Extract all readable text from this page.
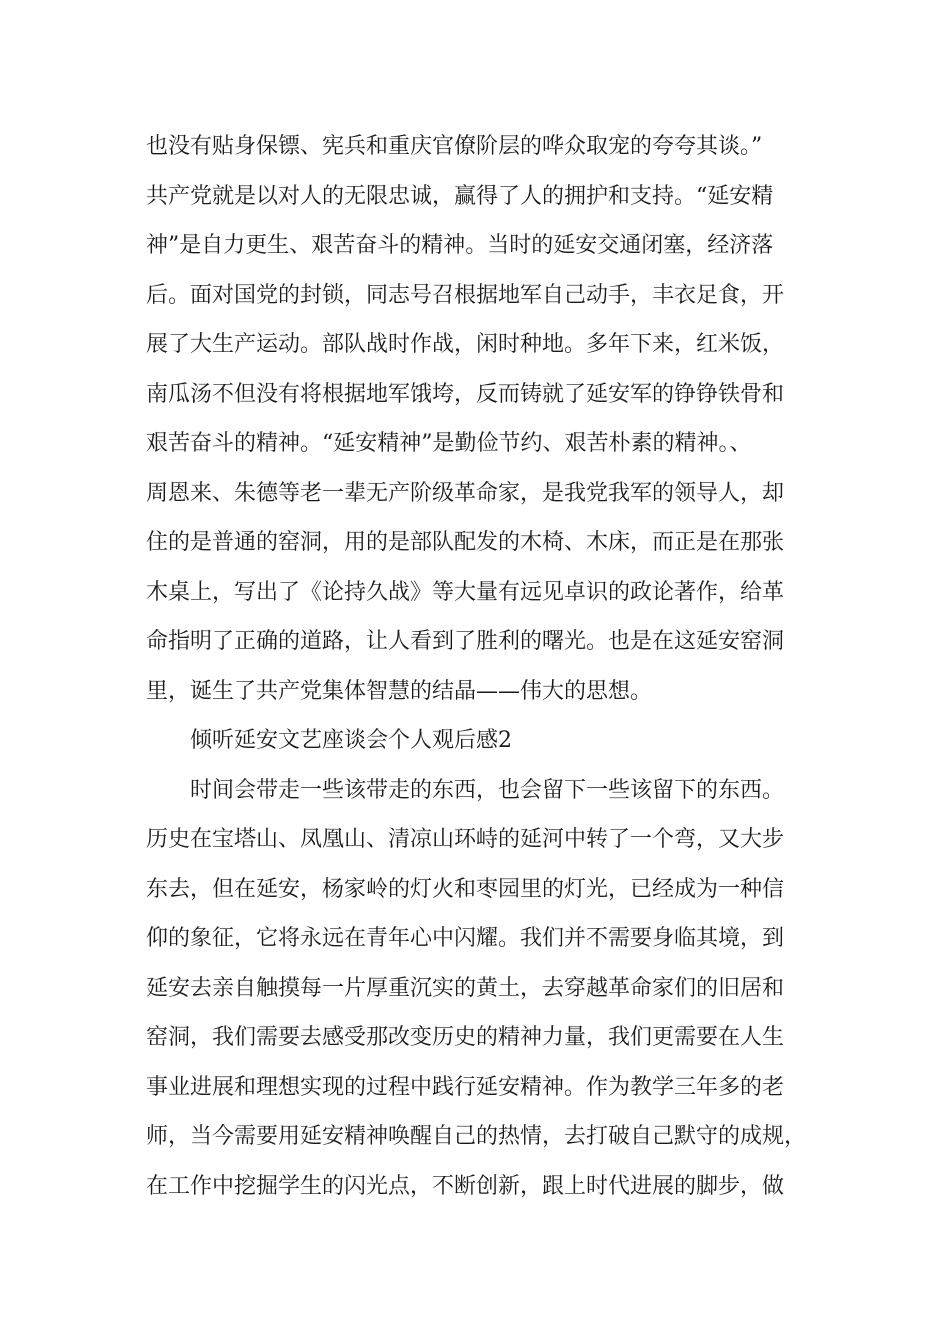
也没有贴身保镖、宪兵和重庆官僚阶层的哗众取宠的夸夸其谈。”
共产党就是以对人的无限忠诚，赢得了人的拥护和支持。“延安精
神”是自力更生、艰苦奋斗的精神。当时的延安交通闭塞，经济落
后。面对国党的封锁，同志号召根据地军自己动手，丰衣足食，开
展了大生产运动。部队战时作战，闲时种地。多年下来，红米饭，
南瓜汤不但没有将根据地军饿垮，反而铸就了延安军的铮铮铁骨和
艰苦奋斗的精神。“延安精神”是勤俭节约、艰苦朴素的精神。、
周恩来、朱德等老一辈无产阶级革命家，是我党我军的领导人，却
住的是普通的窑洞，用的是部队配发的木椅、木床，而正是在那张
木桌上，写出了《论持久战》等大量有远见卓识的政论著作，给革
命指明了正确的道路，让人看到了胜利的曙光。也是在这延安窑洞
里，诞生了共产党集体智慧的结晶——伟大的思想。
倾听延安文艺座谈会个人观后感2
时间会带走一些该带走的东西，也会留下一些该留下的东西。
历史在宝塔山、凤凰山、清凉山环峙的延河中转了一个弯，又大步
东去，但在延安，杨家岭的灯火和枣园里的灯光，已经成为一种信
仰的象征，它将永远在青年心中闪耀。我们并不需要身临其境，到
延安去亲自触摸每一片厚重沉实的黄土，去穿越革命家们的旧居和
窑洞，我们需要去感受那改变历史的精神力量，我们更需要在人生
事业进展和理想实现的过程中践行延安精神。作为教学三年多的老
师，当今需要用延安精神唤醒自己的热情，去打破自己默守的成规，
在工作中挖掘学生的闪光点，不断创新，跟上时代进展的脚步，做
